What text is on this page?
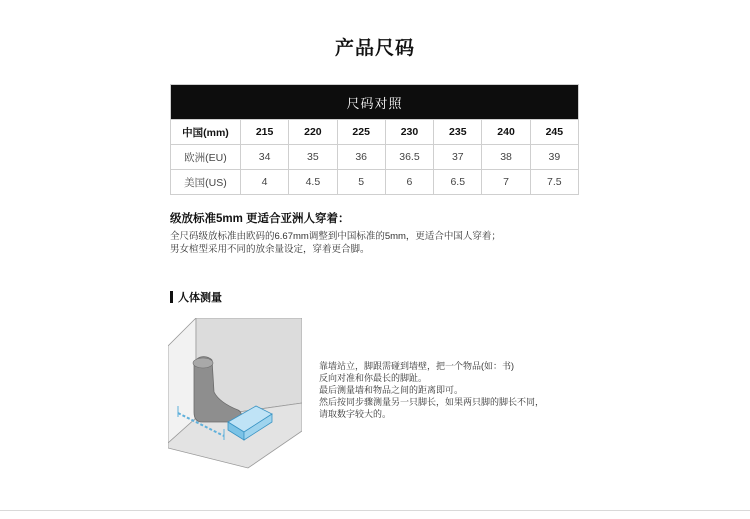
产品尺码
尺码对照							
中国(mm)	215	220	225	230	235	240	245
欧洲(EU)	34	35	36	36.5	37	38	39
美国(US)	4	4.5	5	6	6.5	7	7.5
级放标准5mm 更适合亚洲人穿着：
全尺码级放标准由欧码的6.67mm调整到中国标准的5mm，更适合中国人穿着；
男女楦型采用不同的放余量设定，穿着更合脚。
人体测量
靠墙站立，脚跟需碰到墙壁，把一个物品(如：书)
反向对准和你最长的脚趾。
最后测量墙和物品之间的距离即可。
然后按同步骤测量另一只脚长，如果两只脚的脚长不同，
请取数字较大的。
